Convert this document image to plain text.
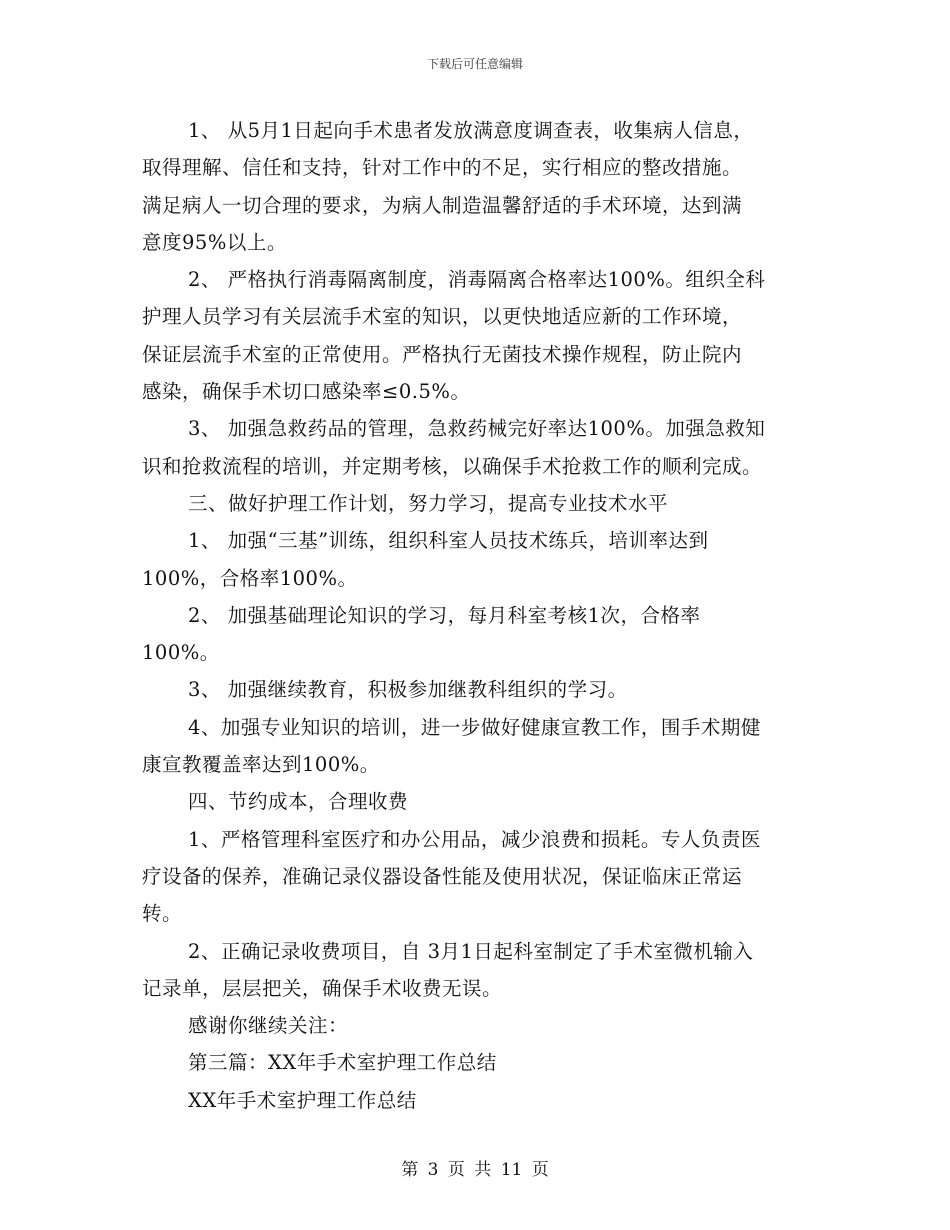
下载后可任意编辑
1、 从5月1日起向手术患者发放满意度调查表，收集病人信息，
取得理解、信任和支持，针对工作中的不足，实行相应的整改措施。
满足病人一切合理的要求，为病人制造温馨舒适的手术环境，达到满
意度95%以上。
2、 严格执行消毒隔离制度，消毒隔离合格率达100%。组织全科
护理人员学习有关层流手术室的知识，以更快地适应新的工作环境，
保证层流手术室的正常使用。严格执行无菌技术操作规程，防止院内
感染，确保手术切口感染率≤0.5%。
3、 加强急救药品的管理，急救药械完好率达100%。加强急救知
识和抢救流程的培训，并定期考核，以确保手术抢救工作的顺利完成。
三、做好护理工作计划，努力学习，提高专业技术水平
1、 加强“三基”训练，组织科室人员技术练兵，培训率达到
100%，合格率100%。
2、 加强基础理论知识的学习，每月科室考核1次，合格率
100%。
3、 加强继续教育，积极参加继教科组织的学习。
4、加强专业知识的培训，进一步做好健康宣教工作，围手术期健
康宣教覆盖率达到100%。
四、节约成本，合理收费
1、严格管理科室医疗和办公用品，减少浪费和损耗。专人负责医
疗设备的保养，准确记录仪器设备性能及使用状况，保证临床正常运
转。
2、正确记录收费项目，自 3月1日起科室制定了手术室微机输入
记录单，层层把关，确保手术收费无误。
感谢你继续关注：
第三篇：XX年手术室护理工作总结
XX年手术室护理工作总结
第 3 页 共 11 页
